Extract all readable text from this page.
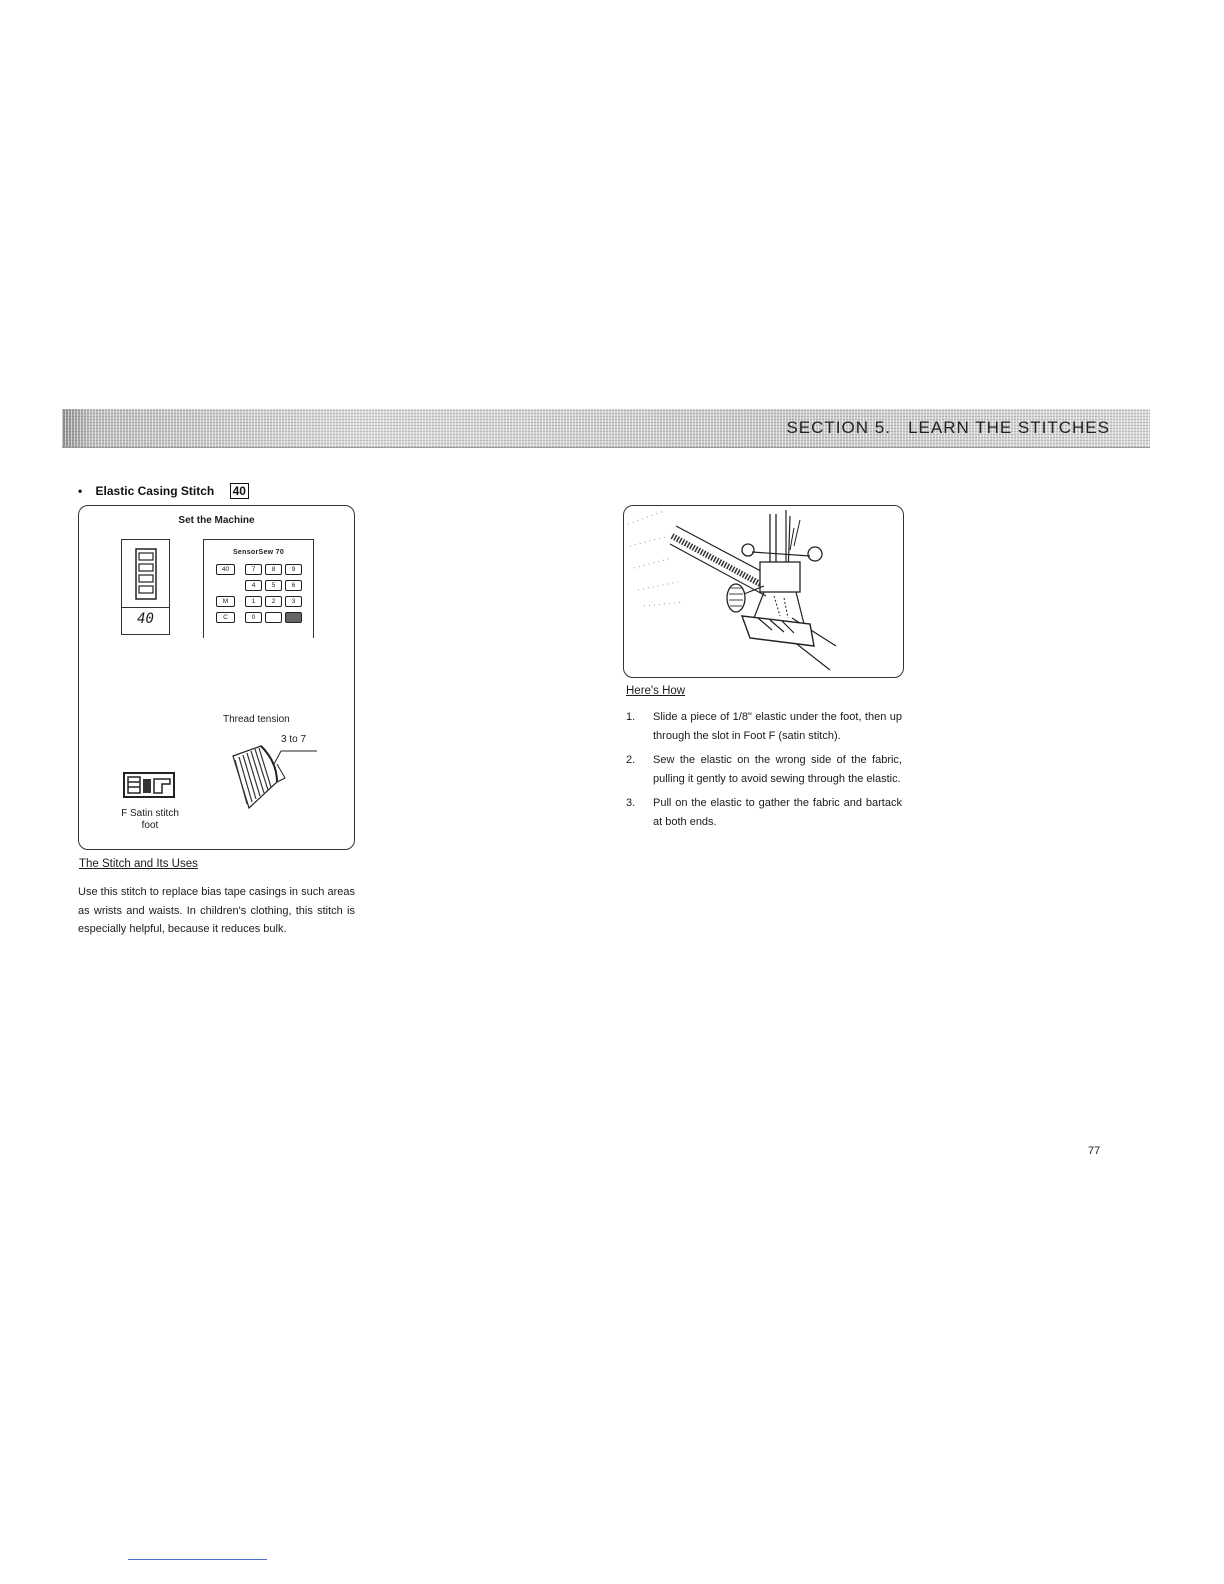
SECTION 5.   LEARN THE STITCHES
• Elastic Casing Stitch 40
Set the Machine
40
SensorSew 70
40	7	8	9
4	5	6
M	1	2	3
C	0
Thread tension
3 to 7
F Satin stitch
foot
The Stitch and Its Uses

Use this stitch to replace bias tape casings in such areas as wrists and waists. In children's clothing, this stitch is especially helpful, because it reduces bulk.

Here's How
1. Slide a piece of 1/8" elastic under the foot, then up through the slot in Foot F (satin stitch).
2. Sew the elastic on the wrong side of the fabric, pulling it gently to avoid sewing through the elastic.
3. Pull on the elastic to gather the fabric and bartack at both ends.
77
